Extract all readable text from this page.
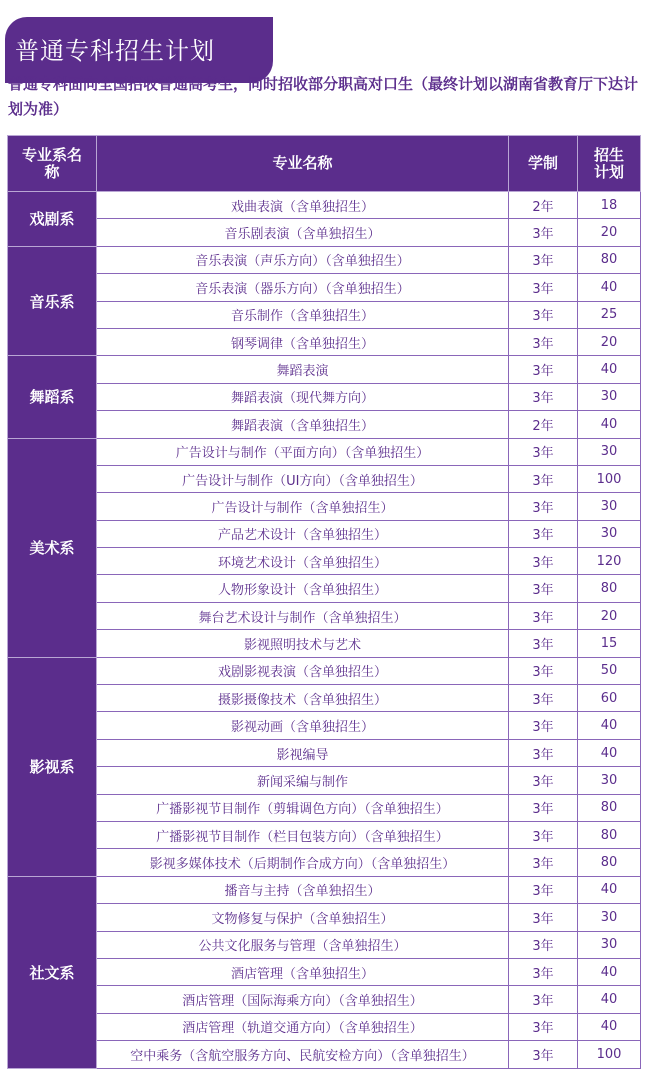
普通专科招生计划
普通专科面向全国招收普通高考生，同时招收部分职高对口生（最终计划以湖南省教育厅下达计划为准）
专业系名称	专业名称	学制	招生计划

戏剧系	戏曲表演（含单独招生）	2年	18
	音乐剧表演（含单独招生）	3年	20
音乐系	音乐表演（声乐方向）（含单独招生）	3年	80
	音乐表演（器乐方向）（含单独招生）	3年	40
	音乐制作（含单独招生）	3年	25
	钢琴调律（含单独招生）	3年	20
舞蹈系	舞蹈表演	3年	40
	舞蹈表演（现代舞方向）	3年	30
	舞蹈表演（含单独招生）	2年	40
美术系	广告设计与制作（平面方向）（含单独招生）	3年	30
	广告设计与制作（UI方向）（含单独招生）	3年	100
	广告设计与制作（含单独招生）	3年	30
	产品艺术设计（含单独招生）	3年	30
	环境艺术设计（含单独招生）	3年	120
	人物形象设计（含单独招生）	3年	80
	舞台艺术设计与制作（含单独招生）	3年	20
	影视照明技术与艺术	3年	15
影视系	戏剧影视表演（含单独招生）	3年	50
	摄影摄像技术（含单独招生）	3年	60
	影视动画（含单独招生）	3年	40
	影视编导	3年	40
	新闻采编与制作	3年	30
	广播影视节目制作（剪辑调色方向）（含单独招生）	3年	80
	广播影视节目制作（栏目包装方向）（含单独招生）	3年	80
	影视多媒体技术（后期制作合成方向）（含单独招生）	3年	80
社文系	播音与主持（含单独招生）	3年	40
	文物修复与保护（含单独招生）	3年	30
	公共文化服务与管理（含单独招生）	3年	30
	酒店管理（含单独招生）	3年	40
	酒店管理（国际海乘方向）（含单独招生）	3年	40
	酒店管理（轨道交通方向）（含单独招生）	3年	40
	空中乘务（含航空服务方向、民航安检方向）（含单独招生）	3年	100
